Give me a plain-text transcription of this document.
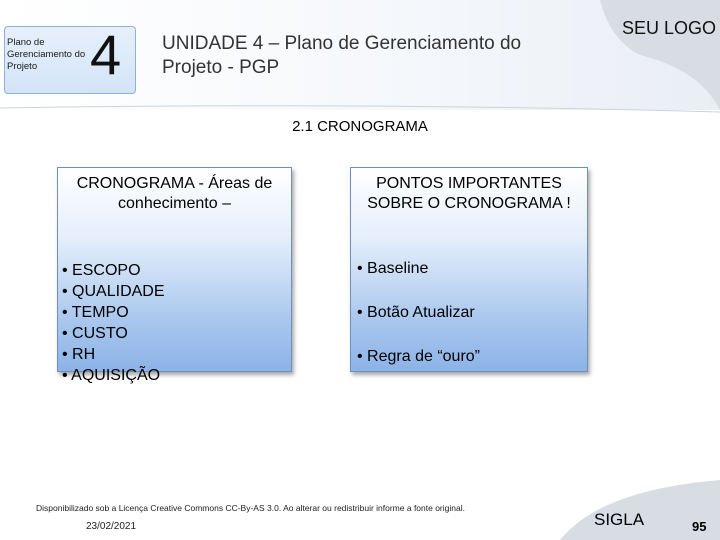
Plano de Gerenciamento do Projeto 4 UNIDADE 4 – Plano de Gerenciamento do Projeto - PGP
SEU LOGO
2.1 CRONOGRAMA
CRONOGRAMA - Áreas de conhecimento –
• ESCOPO
• QUALIDADE
• TEMPO
• CUSTO
• RH
• AQUISIÇÃO
PONTOS IMPORTANTES SOBRE O CRONOGRAMA !
• Baseline
• Botão Atualizar
• Regra de “ouro”
Disponibilizado sob a Licença Creative Commons CC-By-AS 3.0. Ao alterar ou redistribuir informe a fonte original.
23/02/2021	SIGLA	95
